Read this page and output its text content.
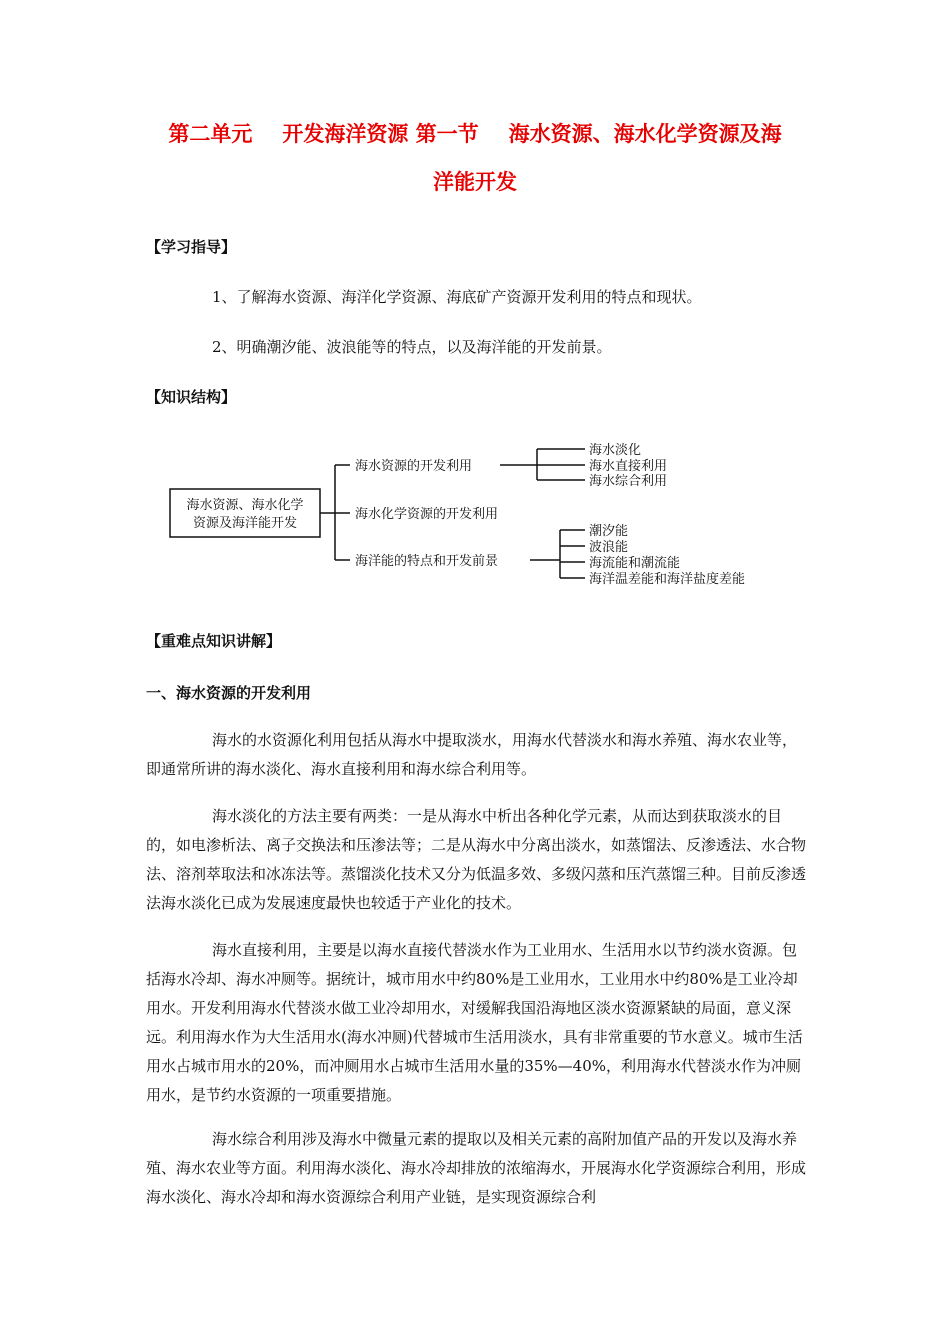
第二单元 开发海洋资源 第一节 海水资源、海水化学资源及海
洋能开发
【学习指导】
1、了解海水资源、海洋化学资源、海底矿产资源开发利用的特点和现状。
2、明确潮汐能、波浪能等的特点，以及海洋能的开发前景。
【知识结构】
海水资源、海水化学
资源及海洋能开发
海水资源的开发利用
海水化学资源的开发利用
海洋能的特点和开发前景
海水淡化
海水直接利用
海水综合利用
潮汐能
波浪能
海流能和潮流能
海洋温差能和海洋盐度差能
【重难点知识讲解】
一、海水资源的开发利用
海水的水资源化利用包括从海水中提取淡水，用海水代替淡水和海水养殖、海水农业等，即通常所讲的海水淡化、海水直接利用和海水综合利用等。
海水淡化的方法主要有两类：一是从海水中析出各种化学元素，从而达到获取淡水的目的，如电渗析法、离子交换法和压渗法等；二是从海水中分离出淡水，如蒸馏法、反渗透法、水合物法、溶剂萃取法和冰冻法等。蒸馏淡化技术又分为低温多效、多级闪蒸和压汽蒸馏三种。目前反渗透法海水淡化已成为发展速度最快也较适于产业化的技术。
海水直接利用，主要是以海水直接代替淡水作为工业用水、生活用水以节约淡水资源。包括海水冷却、海水冲厕等。据统计，城市用水中约80%是工业用水，工业用水中约80%是工业冷却用水。开发利用海水代替淡水做工业冷却用水，对缓解我国沿海地区淡水资源紧缺的局面，意义深远。利用海水作为大生活用水(海水冲厕)代替城市生活用淡水，具有非常重要的节水意义。城市生活用水占城市用水的20%，而冲厕用水占城市生活用水量的35%—40%，利用海水代替淡水作为冲厕用水，是节约水资源的一项重要措施。
海水综合利用涉及海水中微量元素的提取以及相关元素的高附加值产品的开发以及海水养殖、海水农业等方面。利用海水淡化、海水冷却排放的浓缩海水，开展海水化学资源综合利用，形成海水淡化、海水冷却和海水资源综合利用产业链，是实现资源综合利
